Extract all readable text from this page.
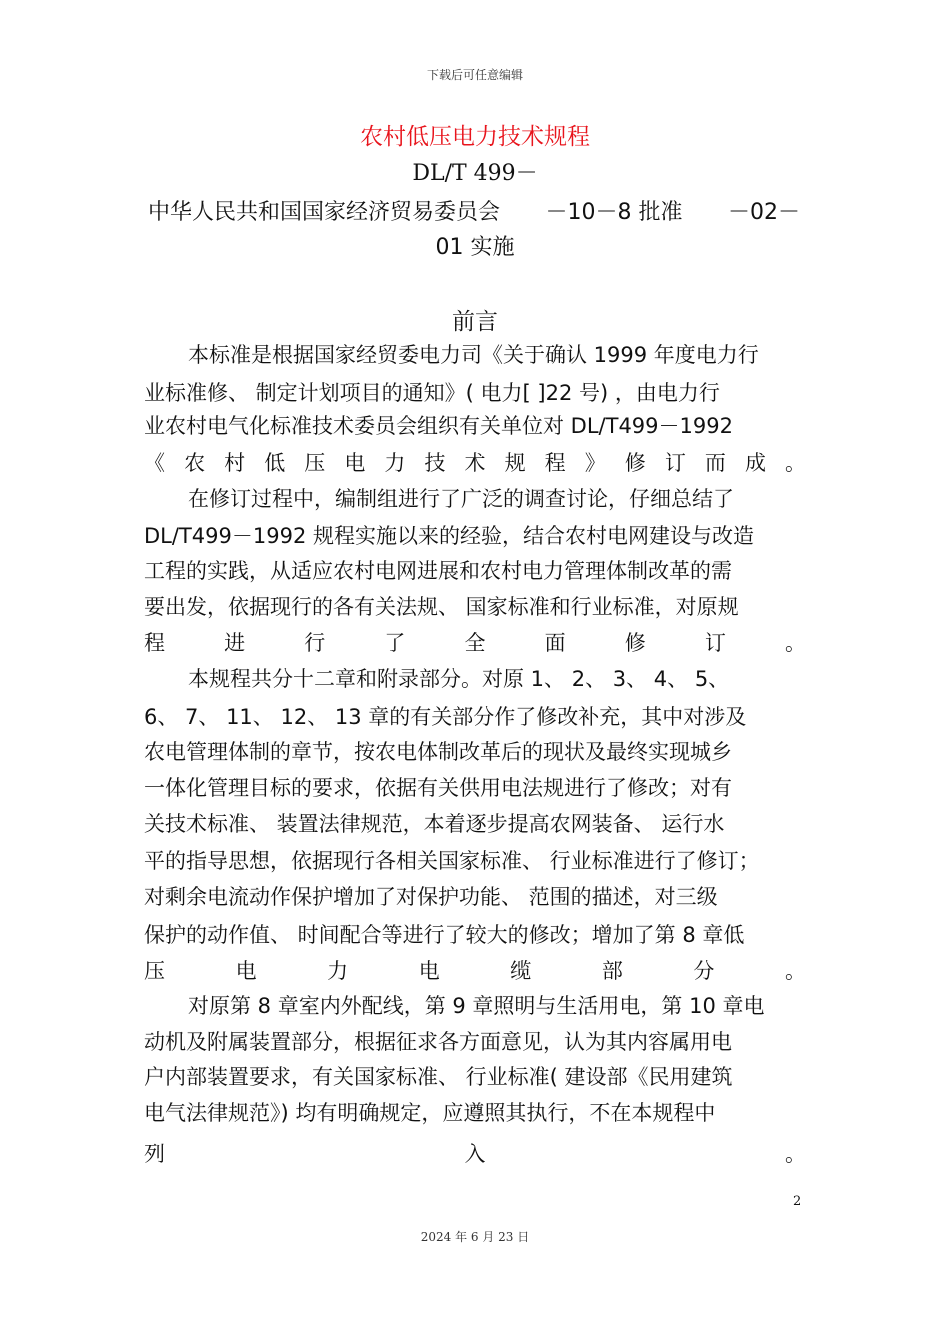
下载后可任意编辑
农村低压电力技术规程
DL/T 499－
中华人民共和国国家经济贸易委员会 －10－8 批准 －02－
01 实施
前言
本标准是根据国家经贸委电力司《关于确认 1999 年度电力行
业标准修、 制定计划项目的通知》( 电力[ ]22 号) ，由电力行
业农村电气化标准技术委员会组织有关单位对 DL/T499－1992
《 农 村 低 压 电 力 技 术 规 程 》 修 订 而 成 。
在修订过程中，编制组进行了广泛的调查讨论，仔细总结了
DL/T499－1992 规程实施以来的经验，结合农村电网建设与改造
工程的实践，从适应农村电网进展和农村电力管理体制改革的需
要出发，依据现行的各有关法规、 国家标准和行业标准，对原规
程	进	行	了	全	面	修	订	。
本规程共分十二章和附录部分。对原 1、 2、 3、 4、 5、
6、 7、 11、 12、 13 章的有关部分作了修改补充，其中对涉及
农电管理体制的章节，按农电体制改革后的现状及最终实现城乡
一体化管理目标的要求，依据有关供用电法规进行了修改；对有
关技术标准、 装置法律规范，本着逐步提高农网装备、 运行水
平的指导思想，依据现行各相关国家标准、 行业标准进行了修订；
对剩余电流动作保护增加了对保护功能、 范围的描述，对三级
保护的动作值、 时间配合等进行了较大的修改；增加了第 8 章低
压	电	力	电	缆	部	分	。
对原第 8 章室内外配线，第 9 章照明与生活用电，第 10 章电
动机及附属装置部分，根据征求各方面意见，认为其内容属用电
户内部装置要求，有关国家标准、 行业标准( 建设部《民用建筑
电气法律规范》) 均有明确规定，应遵照其执行，不在本规程中
列	入	。
2
2024 年 6 月 23 日
